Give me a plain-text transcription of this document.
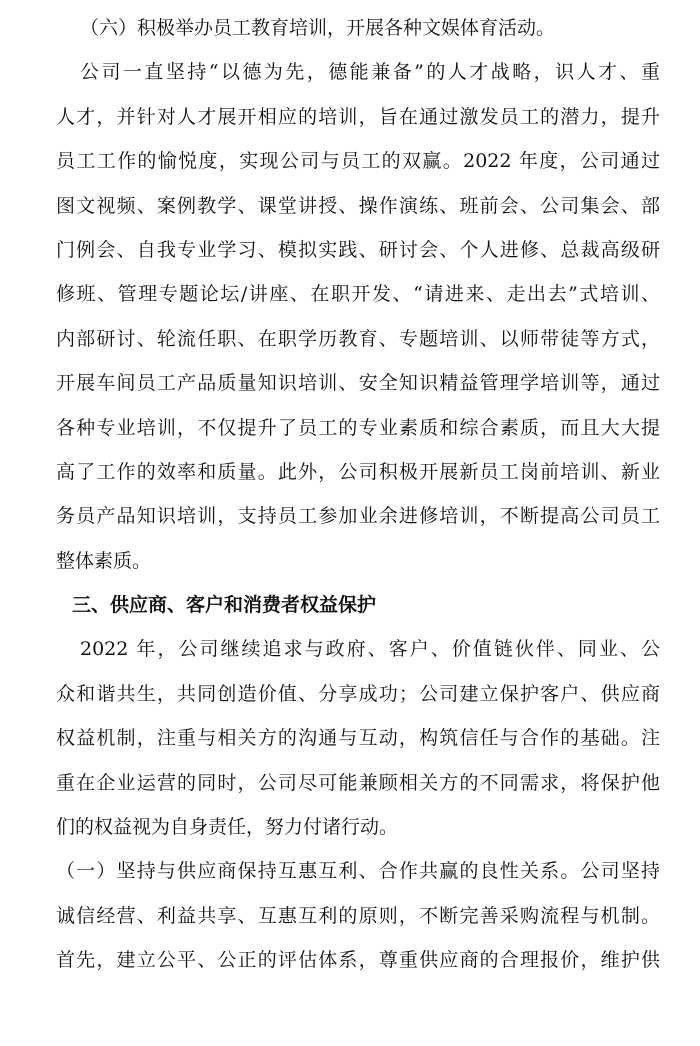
（六）积极举办员工教育培训，开展各种文娱体育活动。
公司一直坚持“以德为先，德能兼备”的人才战略，识人才、重
人才，并针对人才展开相应的培训，旨在通过激发员工的潜力，提升
员工工作的愉悦度，实现公司与员工的双赢。2022 年度，公司通过
图文视频、案例教学、课堂讲授、操作演练、班前会、公司集会、部
门例会、自我专业学习、模拟实践、研讨会、个人进修、总裁高级研
修班、管理专题论坛/讲座、在职开发、“请进来、走出去”式培训、
内部研讨、轮流任职、在职学历教育、专题培训、以师带徒等方式，
开展车间员工产品质量知识培训、安全知识精益管理学培训等，通过
各种专业培训，不仅提升了员工的专业素质和综合素质，而且大大提
高了工作的效率和质量。此外，公司积极开展新员工岗前培训、新业
务员产品知识培训，支持员工参加业余进修培训，不断提高公司员工
整体素质。
三、供应商、客户和消费者权益保护
2022 年，公司继续追求与政府、客户、价值链伙伴、同业、公
众和谐共生，共同创造价值、分享成功；公司建立保护客户、供应商
权益机制，注重与相关方的沟通与互动，构筑信任与合作的基础。注
重在企业运营的同时，公司尽可能兼顾相关方的不同需求，将保护他
们的权益视为自身责任，努力付诸行动。
（一）坚持与供应商保持互惠互利、合作共赢的良性关系。公司坚持
诚信经营、利益共享、互惠互利的原则，不断完善采购流程与机制。
首先，建立公平、公正的评估体系，尊重供应商的合理报价，维护供
